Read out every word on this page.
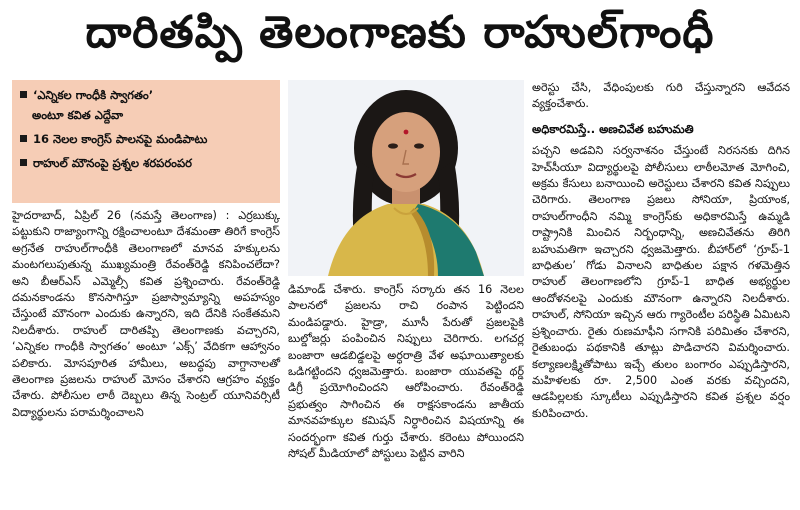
దారితప్పి తెలంగాణకు రాహుల్‌గాంధీ
‘ఎన్నికల గాంధీకి స్వాగతం’
అంటూ కవిత ఎద్దేవా
16 నెలల కాంగ్రెస్ పాలనపై మండిపాటు
రాహుల్ మౌనంపై ప్రశ్నల శరపరంపర

హైదరాబాద్, ఏప్రిల్ 26 (నమస్తే తెలంగాణ) : ఎర్రబుక్కు పట్టుకుని రాజ్యాంగాన్ని రక్షించాలంటూ దేశమంతా తిరిగే కాంగ్రెస్ అగ్రనేత రాహుల్‌గాంధీకి తెలంగాణలో మానవ హక్కులను మంటగలుపుతున్న ముఖ్యమంత్రి రేవంత్‌రెడ్డి కనిపించలేదా? అని బీఆర్ఎస్ ఎమ్మెల్సీ కవిత ప్రశ్నించారు. రేవంత్‌రెడ్డి దమనకాండను కొనసాగిస్తూ ప్రజాస్వామ్యాన్ని అపహస్యం చేస్తుంటే మౌనంగా ఎందుకు ఉన్నారని, ఇది దేనికి సంకేతమని నిలదీశారు. రాహుల్ దారితప్పి తెలంగాణకు వచ్చారని, ‘ఎన్నికల గాంధీకి స్వాగతం’ అంటూ ‘ఎక్స్’ వేదికగా ఆహ్వానం పలికారు. మోసపూరిత హామీలు, అబద్ధపు వాగ్దానాలతో తెలంగాణ ప్రజలను రాహుల్ మోసం చేశారని ఆగ్రహం వ్యక్తం చేశారు. పోలీసుల లాఠీ దెబ్బలు తిన్న సెంట్రల్ యూనివర్సిటీ విద్యార్థులను పరామర్శించాలని

డిమాండ్ చేశారు. కాంగ్రెస్ సర్కారు తన 16 నెలల పాలనలో ప్రజలను రాచి రంపాన పెట్టిందని మండిపడ్డారు. హైడ్రా, మూసీ పేరుతో ప్రజలపైకి బుల్డోజర్లు పంపించిన నిప్పులు చెరిగారు. లగచర్ల బంజారా ఆడబిడ్డలపై అర్ధరాత్రి వేళ అఘాయిత్యాలకు ఒడిగట్టిందని ధ్వజమెత్తారు. బంజారా యువతపై థర్డ్ డిగ్రీ ప్రయోగించిందని ఆరోపించారు. రేవంత్‌రెడ్డి ప్రభుత్వం సాగించిన ఈ రాక్షసకాండను జాతీయ మానవహక్కుల కమిషన్ నిర్ధారించిన విషయాన్ని ఈ సందర్భంగా కవిత గుర్తు చేశారు. కరెంటు పోయిందని సోషల్ మీడియాలో పోస్టులు పెట్టిన వారిని

అరెస్టు చేసి, వేధింపులకు గురి చేస్తున్నారని ఆవేదన వ్యక్తంచేశారు.

అధికారమిస్తే.. అణచివేత బహుమతి

పచ్చని అడవిని సర్వనాశనం చేస్తుంటే నిరసనకు దిగిన హెచ్‌సీయూ విద్యార్థులపై పోలీసులు లాఠీలమోత మోగించి, అక్రమ కేసులు బనాయించి అరెస్టులు చేశారని కవిత నిప్పులు చెరిగారు. తెలంగాణ ప్రజలు సోనియా, ప్రియాంక, రాహుల్‌గాంధీని నమ్మి కాంగ్రెస్‌కు అధికారమిస్తే ఉమ్మడి రాష్ట్రానికి మించిన నిర్బంధాన్ని, అణచివేతను తిరిగి బహుమతిగా ఇచ్చారని ధ్వజమెత్తారు. బీహార్‌లో ‘గ్రూప్-1 బాధితుల’ గోడు వినాలని బాధితుల పక్షాన గళమెత్తిన రాహుల్ తెలంగాణలోని గ్రూప్-1 బాధిత అభ్యర్థుల ఆందోళనలపై ఎందుకు మౌనంగా ఉన్నారని నిలదీశారు. రాహుల్, సోనియా ఇచ్చిన ఆరు గ్యారెంటీల పరిస్థితి ఏమిటని ప్రశ్నించారు. రైతు రుణమాఫీని సగానికి పరిమితం చేశారని, రైతుబంధు పథకానికి తూట్లు పొడిచారని విమర్శించారు. కల్యాణలక్ష్మితోపాటు ఇచ్చే తులం బంగారం ఎప్పుడిస్తారని, మహిళలకు రూ. 2,500 ఎంత వరకు వచ్చిందని, ఆడపిల్లలకు స్కూటీలు ఎప్పుడిస్తారని కవిత ప్రశ్నల వర్షం కురిపించారు.
